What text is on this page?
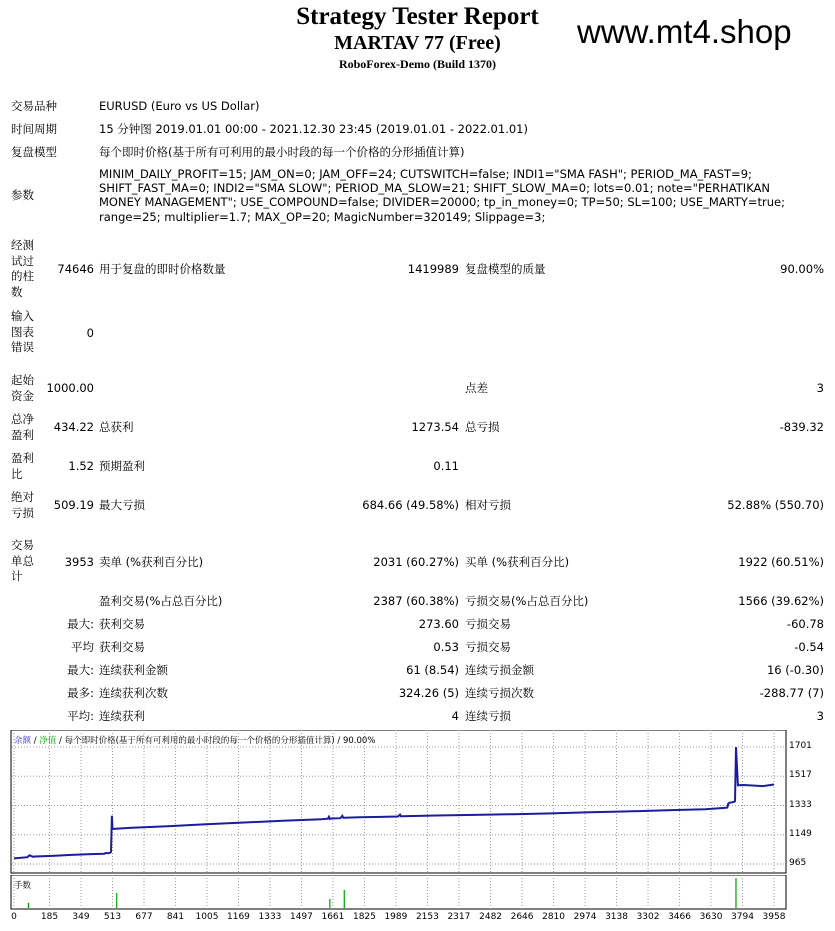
Strategy Tester Report
MARTAV 77 (Free)
RoboForex-Demo (Build 1370)
www.mt4.shop
交易品种	EURUSD (Euro vs US Dollar)
时间周期	15 分钟图 2019.01.01 00:00 - 2021.12.30 23:45 (2019.01.01 - 2022.01.01)
复盘模型	每个即时价格(基于所有可利用的最小时段的每一个价格的分形插值计算)
参数
MINIM_DAILY_PROFIT=15; JAM_ON=0; JAM_OFF=24; CUTSWITCH=false; INDI1="SMA FASH"; PERIOD_MA_FAST=9; SHIFT_FAST_MA=0; INDI2="SMA SLOW"; PERIOD_MA_SLOW=21; SHIFT_SLOW_MA=0; lots=0.01; note="PERHATIKAN MONEY MANAGEMENT"; USE_COMPOUND=false; DIVIDER=20000; tp_in_money=0; TP=50; SL=100; USE_MARTY=true; range=25; multiplier=1.7; MAX_OP=20; MagicNumber=320149; Slippage=3;
经测试过的柱数
74646 用于复盘的即时价格数量	1419989 复盘模型的质量	90.00%
输入图表错误
0
起始资金
1000.00	点差	3
总净盈利
434.22 总获利	1273.54 总亏损	-839.32
盈利比
1.52 预期盈利	0.11
绝对亏损
509.19 最大亏损	684.66 (49.58%) 相对亏损	52.88% (550.70)
交易单总计
3953 卖单 (%获利百分比)	2031 (60.27%) 买单 (%获利百分比)	1922 (60.51%)
盈利交易(%占总百分比)	2387 (60.38%) 亏损交易(%占总百分比)	1566 (39.62%)
最大: 获利交易	273.60 亏损交易	-60.78
平均 获利交易	0.53 亏损交易	-0.54
最大: 连续获利金额	61 (8.54) 连续亏损金额	16 (-0.30)
最多: 连续获利次数	324.26 (5) 连续亏损次数	-288.77 (7)
平均: 连续获利	4 连续亏损	3
余额 / 净值 / 每个即时价格(基于所有可利用的最小时段的每一个价格的分形插值计算) / 90.00%	1701
1517
1333
1149
965
手数
0	185 349 513 677 841 1005 1169 1333 1497 1661 1825 1989 2153 2317 2482 2646 2810 2974 3138 3302 3466 3630 3794 3958
